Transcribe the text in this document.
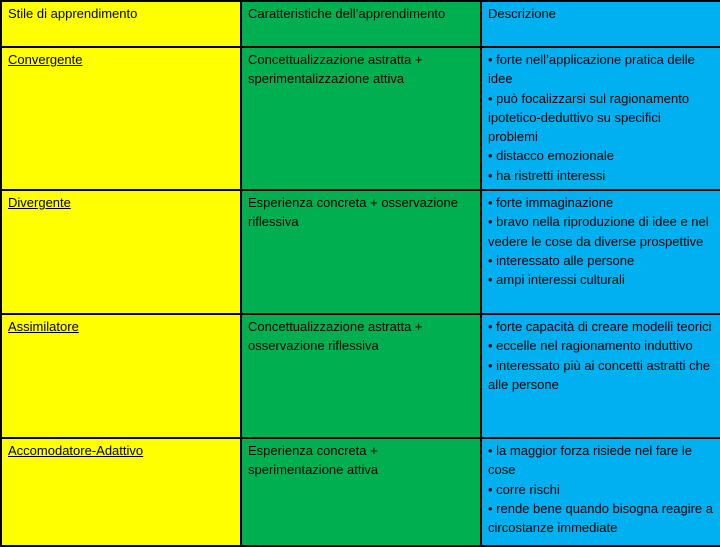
Stile di apprendimento	Caratteristiche dell’apprendimento	Descrizione
Convergente	Concettualizzazione astratta + sperimentalizzazione attiva	• forte nell’applicazione pratica delle idee
• può focalizzarsi sul ragionamento ipotetico-deduttivo su specifici problemi
• distacco emozionale
• ha ristretti interessi

Divergente	Esperienza concreta + osservazione riflessiva	• forte immaginazione
• bravo nella riproduzione di idee e nel vedere le cose da diverse prospettive
• interessato alle persone
• ampi interessi culturali

Assimilatore	Concettualizzazione astratta + osservazione riflessiva	• forte capacità di creare modelli teorici
• eccelle nel ragionamento induttivo
• interessato più ai concetti astratti che alle persone

Accomodatore-Adattivo	Esperienza concreta + sperimentazione attiva	• la maggior forza risiede nel fare le cose
• corre rischi
• rende bene quando bisogna reagire a circostanze immediate
